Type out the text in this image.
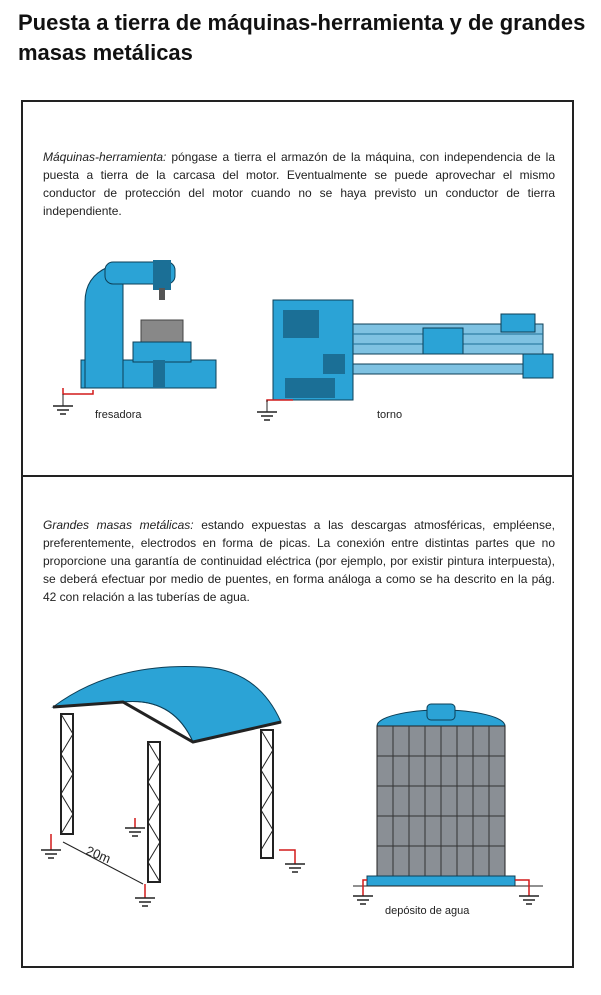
Puesta a tierra de máquinas-herramienta y de grandes masas metálicas

Máquinas-herramienta: póngase a tierra el armazón de la máquina, con independencia de la puesta a tierra de la carcasa del motor. Eventualmente se puede aprovechar el mismo conductor de protección del motor cuando no se haya previsto un conductor de tierra independiente.

fresadora	torno

Grandes masas metálicas: estando expuestas a las descargas atmosféricas, empléense, preferentemente, electrodos en forma de picas. La conexión entre distintas partes que no proporcione una garantía de continuidad eléctrica (por ejemplo, por existir pintura interpuesta), se deberá efectuar por medio de puentes, en forma análoga a como se ha descrito en la pág. 42 con relación a las tuberías de agua.

20m
depósito de agua
